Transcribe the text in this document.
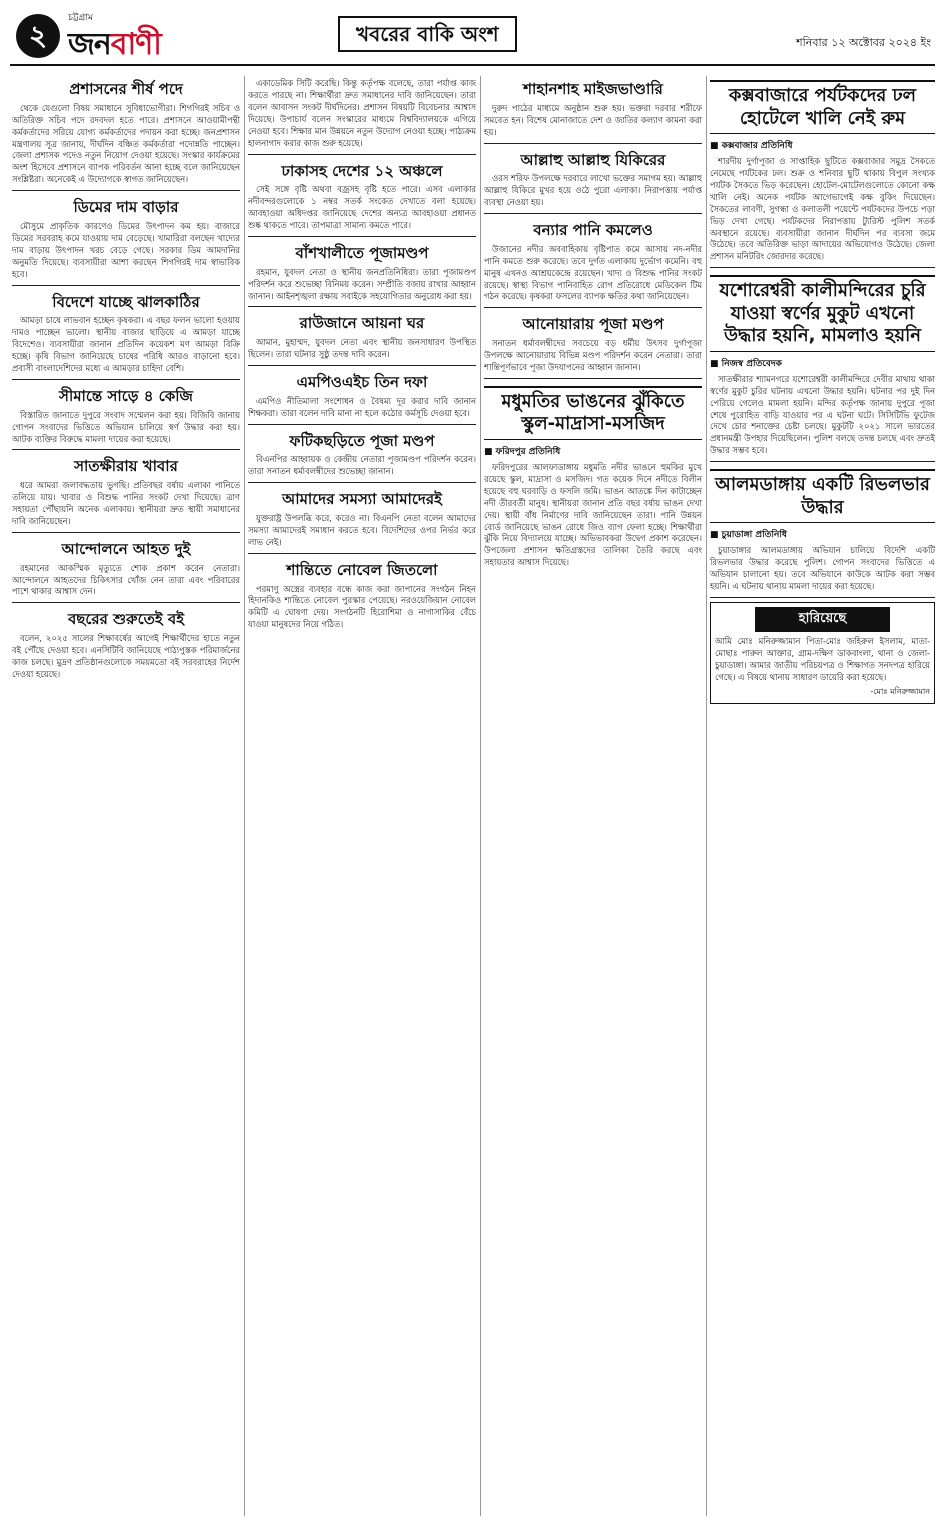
২
চট্টগ্রাম
জনবাণী	খবরের বাকি অংশ	শনিবার ১২ অক্টোবর ২০২৪ ইং
প্রশাসনের শীর্ষ পদে

থেকে যেগুলো বিষয় সমাধানে সুবিধাভোগীরা। শিগগিরই সচিব ও অতিরিক্ত সচিব পদে রদবদল হতে পারে। প্রশাসনে আওয়ামীপন্থী কর্মকর্তাদের সরিয়ে যোগ্য কর্মকর্তাদের পদায়ন করা হচ্ছে। জনপ্রশাসন মন্ত্রণালয় সূত্র জানায়, দীর্ঘদিন বঞ্চিত কর্মকর্তারা পদোন্নতি পাচ্ছেন। জেলা প্রশাসক পদেও নতুন নিয়োগ দেওয়া হয়েছে। সংস্কার কার্যক্রমের অংশ হিসেবে প্রশাসনে ব্যাপক পরিবর্তন আনা হচ্ছে বলে জানিয়েছেন সংশ্লিষ্টরা। অনেকেই এ উদ্যোগকে স্বাগত জানিয়েছেন।

ডিমের দাম বাড়ার

মৌসুমে প্রাকৃতিক কারণেও ডিমের উৎপাদন কম হয়। বাজারে ডিমের সরবরাহ কমে যাওয়ায় দাম বেড়েছে। খামারিরা বলছেন খাদ্যের দাম বাড়ায় উৎপাদন খরচ বেড়ে গেছে। সরকার ডিম আমদানির অনুমতি দিয়েছে। ব্যবসায়ীরা আশা করছেন শিগগিরই দাম স্বাভাবিক হবে।

বিদেশে যাচ্ছে ঝালকাঠির

আমড়া চাষে লাভবান হচ্ছেন কৃষকরা। এ বছর ফলন ভালো হওয়ায় দামও পাচ্ছেন ভালো। স্থানীয় বাজার ছাড়িয়ে এ আমড়া যাচ্ছে বিদেশেও। ব্যবসায়ীরা জানান প্রতিদিন কয়েকশ মণ আমড়া বিক্রি হচ্ছে। কৃষি বিভাগ জানিয়েছে চাষের পরিধি আরও বাড়ানো হবে। প্রবাসী বাংলাদেশিদের মধ্যে এ আমড়ার চাহিদা বেশি।

সীমান্তে সাড়ে ৪ কেজি

বিস্তারিত জানাতে দুপুরে সংবাদ সম্মেলন করা হয়। বিজিবি জানায় গোপন সংবাদের ভিত্তিতে অভিযান চালিয়ে স্বর্ণ উদ্ধার করা হয়। আটক ব্যক্তির বিরুদ্ধে মামলা দায়ের করা হয়েছে।

সাতক্ষীরায় খাবার

ধরে আমরা জলাবদ্ধতায় ভুগছি। প্রতিবছর বর্ষায় এলাকা পানিতে তলিয়ে যায়। খাবার ও বিশুদ্ধ পানির সংকট দেখা দিয়েছে। ত্রাণ সহায়তা পৌঁছায়নি অনেক এলাকায়। স্থানীয়রা দ্রুত স্থায়ী সমাধানের দাবি জানিয়েছেন।

আন্দোলনে আহত দুই

রহমানের আকস্মিক মৃত্যুতে শোক প্রকাশ করেন নেতারা। আন্দোলনে আহতদের চিকিৎসার খোঁজ নেন তারা এবং পরিবারের পাশে থাকার আশ্বাস দেন।

বছরের শুরুতেই বই

বলেন, ২০২৫ সালের শিক্ষাবর্ষের আগেই শিক্ষার্থীদের হাতে নতুন বই পৌঁছে দেওয়া হবে। এনসিটিবি জানিয়েছে পাঠ্যপুস্তক পরিমার্জনের কাজ চলছে। মুদ্রণ প্রতিষ্ঠানগুলোকে সময়মতো বই সরবরাহের নির্দেশ দেওয়া হয়েছে।

একাডেমিক সিটি করেছি। কিন্তু কর্তৃপক্ষ বলেছে, তারা পর্যাপ্ত কাজ করতে পারছে না। শিক্ষার্থীরা দ্রুত সমাধানের দাবি জানিয়েছেন। তারা বলেন আবাসন সংকট দীর্ঘদিনের। প্রশাসন বিষয়টি বিবেচনার আশ্বাস দিয়েছে। উপাচার্য বলেন সংস্কারের মাধ্যমে বিশ্ববিদ্যালয়কে এগিয়ে নেওয়া হবে। শিক্ষার মান উন্নয়নে নতুন উদ্যোগ নেওয়া হচ্ছে। পাঠ্যক্রম হালনাগাদ করার কাজ শুরু হয়েছে।

ঢাকাসহ দেশের ১২ অঞ্চলে

সেই সঙ্গে বৃষ্টি অথবা বজ্রসহ বৃষ্টি হতে পারে। এসব এলাকার নদীবন্দরগুলোকে ১ নম্বর সতর্ক সংকেত দেখাতে বলা হয়েছে। আবহাওয়া অধিদপ্তর জানিয়েছে দেশের অন্যত্র আবহাওয়া প্রধানত শুষ্ক থাকতে পারে। তাপমাত্রা সামান্য কমতে পারে।

বাঁশখালীতে পূজামণ্ডপ

রহমান, যুবদল নেতা ও স্থানীয় জনপ্রতিনিধিরা। তারা পূজামণ্ডপ পরিদর্শন করে শুভেচ্ছা বিনিময় করেন। সম্প্রীতি বজায় রাখার আহ্বান জানান। আইনশৃঙ্খলা রক্ষায় সবাইকে সহযোগিতার অনুরোধ করা হয়।

রাউজানে আয়না ঘর

আমান, মুহাম্মদ, যুবদল নেতা এবং স্থানীয় জনসাধারণ উপস্থিত ছিলেন। তারা ঘটনার সুষ্ঠু তদন্ত দাবি করেন।

এমপিওএইচ তিন দফা

এমপিও নীতিমালা সংশোধন ও বৈষম্য দূর করার দাবি জানান শিক্ষকরা। তারা বলেন দাবি মানা না হলে কঠোর কর্মসূচি দেওয়া হবে।

ফটিকছড়িতে পূজা মণ্ডপ

বিএনপির আহ্বায়ক ও কেন্দ্রীয় নেতারা পূজামণ্ডপ পরিদর্শন করেন। তারা সনাতন ধর্মাবলম্বীদের শুভেচ্ছা জানান।

আমাদের সমস্যা আমাদেরই

যুক্তরাষ্ট্র উপলব্ধি করে, করেও না। বিএনপি নেতা বলেন আমাদের সমস্যা আমাদেরই সমাধান করতে হবে। বিদেশিদের ওপর নির্ভর করে লাভ নেই।

শান্তিতে নোবেল জিতলো

পরমাণু অস্ত্রের ব্যবহার বন্ধে কাজ করা জাপানের সংগঠন নিহন হিদানকিও শান্তিতে নোবেল পুরস্কার পেয়েছে। নরওয়েজিয়ান নোবেল কমিটি এ ঘোষণা দেয়। সংগঠনটি হিরোশিমা ও নাগাসাকির বেঁচে যাওয়া মানুষদের নিয়ে গঠিত।

শাহানশাহ মাইজভাণ্ডারি

দুরুদ পাঠের মাধ্যমে অনুষ্ঠান শুরু হয়। ভক্তরা দরবার শরীফে সমবেত হন। বিশেষ মোনাজাতে দেশ ও জাতির কল্যাণ কামনা করা হয়।

আল্লাহু আল্লাহু যিকিরের

ওরস শরিফ উপলক্ষে দরবারে লাখো ভক্তের সমাগম হয়। আল্লাহু আল্লাহু যিকিরে মুখর হয়ে ওঠে পুরো এলাকা। নিরাপত্তায় পর্যাপ্ত ব্যবস্থা নেওয়া হয়।

বন্যার পানি কমলেও

উজানের নদীর অববাহিকায় বৃষ্টিপাত কমে আসায় নদ-নদীর পানি কমতে শুরু করেছে। তবে দুর্গত এলাকায় দুর্ভোগ কমেনি। বহু মানুষ এখনও আশ্রয়কেন্দ্রে রয়েছেন। খাদ্য ও বিশুদ্ধ পানির সংকট রয়েছে। স্বাস্থ্য বিভাগ পানিবাহিত রোগ প্রতিরোধে মেডিকেল টিম গঠন করেছে। কৃষকরা ফসলের ব্যাপক ক্ষতির কথা জানিয়েছেন।

আনোয়ারায় পূজা মণ্ডপ

সনাতন ধর্মাবলম্বীদের সবচেয়ে বড় ধর্মীয় উৎসব দুর্গাপূজা উপলক্ষে আনোয়ারায় বিভিন্ন মণ্ডপ পরিদর্শন করেন নেতারা। তারা শান্তিপূর্ণভাবে পূজা উদযাপনের আহ্বান জানান।

মধুমতির ভাঙনের ঝুঁকিতে স্কুল-মাদ্রাসা-মসজিদ
■ ফরিদপুর প্রতিনিধি

ফরিদপুরের আলফাডাঙ্গায় মধুমতি নদীর ভাঙনে হুমকির মুখে রয়েছে স্কুল, মাদ্রাসা ও মসজিদ। গত কয়েক দিনে নদীতে বিলীন হয়েছে বহু ঘরবাড়ি ও ফসলি জমি। ভাঙন আতঙ্কে দিন কাটাচ্ছেন নদী তীরবর্তী মানুষ। স্থানীয়রা জানান প্রতি বছর বর্ষায় ভাঙন দেখা দেয়। স্থায়ী বাঁধ নির্মাণের দাবি জানিয়েছেন তারা। পানি উন্নয়ন বোর্ড জানিয়েছে ভাঙন রোধে জিও ব্যাগ ফেলা হচ্ছে। শিক্ষার্থীরা ঝুঁকি নিয়ে বিদ্যালয়ে যাচ্ছে। অভিভাবকরা উদ্বেগ প্রকাশ করেছেন। উপজেলা প্রশাসন ক্ষতিগ্রস্তদের তালিকা তৈরি করছে এবং সহায়তার আশ্বাস দিয়েছে।

কক্সবাজারে পর্যটকদের ঢল হোটেলে খালি নেই রুম
■ কক্সবাজার প্রতিনিধি

শারদীয় দুর্গাপূজা ও সাপ্তাহিক ছুটিতে কক্সবাজার সমুদ্র সৈকতে নেমেছে পর্যটকের ঢল। শুক্র ও শনিবার ছুটি থাকায় বিপুল সংখ্যক পর্যটক সৈকতে ভিড় করেছেন। হোটেল-মোটেলগুলোতে কোনো কক্ষ খালি নেই। অনেক পর্যটক আগেভাগেই কক্ষ বুকিং দিয়েছেন। সৈকতের লাবণী, সুগন্ধা ও কলাতলী পয়েন্টে পর্যটকদের উপচে পড়া ভিড় দেখা গেছে। পর্যটকদের নিরাপত্তায় ট্যুরিস্ট পুলিশ সতর্ক অবস্থানে রয়েছে। ব্যবসায়ীরা জানান দীর্ঘদিন পর ব্যবসা জমে উঠেছে। তবে অতিরিক্ত ভাড়া আদায়ের অভিযোগও উঠেছে। জেলা প্রশাসন মনিটরিং জোরদার করেছে।

যশোরেশ্বরী কালীমন্দিরের চুরি যাওয়া স্বর্ণের মুকুট এখনো উদ্ধার হয়নি, মামলাও হয়নি
■ নিজস্ব প্রতিবেদক

সাতক্ষীরার শ্যামনগরে যশোরেশ্বরী কালীমন্দিরে দেবীর মাথায় থাকা স্বর্ণের মুকুট চুরির ঘটনায় এখনো উদ্ধার হয়নি। ঘটনার পর দুই দিন পেরিয়ে গেলেও মামলা হয়নি। মন্দির কর্তৃপক্ষ জানায় দুপুরে পূজা শেষে পুরোহিত বাড়ি যাওয়ার পর এ ঘটনা ঘটে। সিসিটিভি ফুটেজ দেখে চোর শনাক্তের চেষ্টা চলছে। মুকুটটি ২০২১ সালে ভারতের প্রধানমন্ত্রী উপহার দিয়েছিলেন। পুলিশ বলছে তদন্ত চলছে এবং দ্রুতই উদ্ধার সম্ভব হবে।

আলমডাঙ্গায় একটি রিভলভার উদ্ধার
■ চুয়াডাঙ্গা প্রতিনিধি

চুয়াডাঙ্গার আলমডাঙ্গায় অভিযান চালিয়ে বিদেশি একটি রিভলভার উদ্ধার করেছে পুলিশ। গোপন সংবাদের ভিত্তিতে এ অভিযান চালানো হয়। তবে অভিযানে কাউকে আটক করা সম্ভব হয়নি। এ ঘটনায় থানায় মামলা দায়ের করা হয়েছে।

হারিয়েছে
আমি মোঃ মনিরুজ্জামান পিতা-মোঃ জহিরুল ইসলাম, মাতা-মোছাঃ পারুল আক্তার, গ্রাম-দক্ষিণ ডাকবাংলা, থানা ও জেলা-চুয়াডাঙ্গা। আমার জাতীয় পরিচয়পত্র ও শিক্ষাগত সনদপত্র হারিয়ে গেছে। এ বিষয়ে থানায় সাধারণ ডায়েরি করা হয়েছে।
-মোঃ মনিরুজ্জামান
